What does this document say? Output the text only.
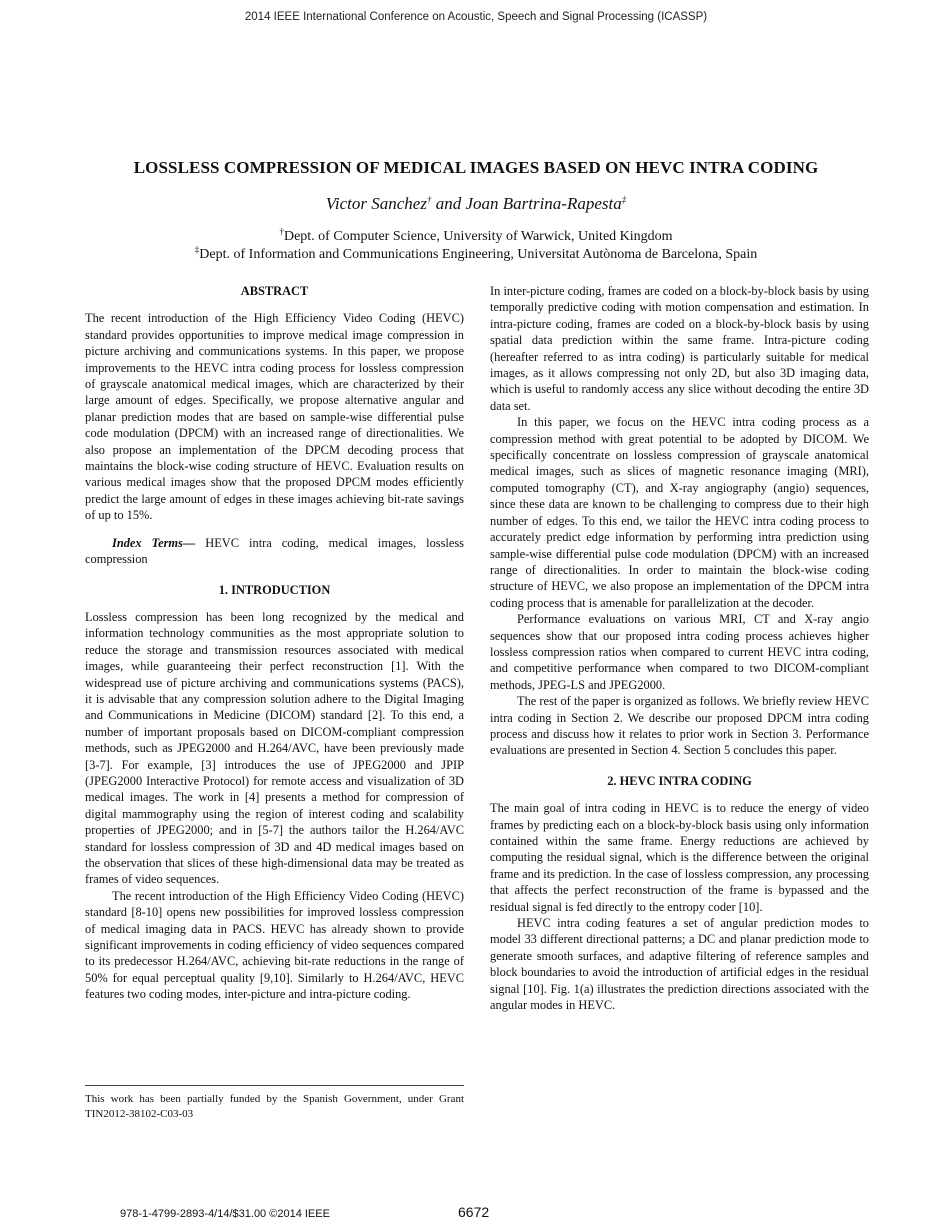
2014 IEEE International Conference on Acoustic, Speech and Signal Processing (ICASSP)
LOSSLESS COMPRESSION OF MEDICAL IMAGES BASED ON HEVC INTRA CODING
Victor Sanchez† and Joan Bartrina-Rapesta‡
†Dept. of Computer Science, University of Warwick, United Kingdom
‡Dept. of Information and Communications Engineering, Universitat Autònoma de Barcelona, Spain
ABSTRACT

The recent introduction of the High Efficiency Video Coding (HEVC) standard provides opportunities to improve medical image compression in picture archiving and communications systems. In this paper, we propose improvements to the HEVC intra coding process for lossless compression of grayscale anatomical medical images, which are characterized by their large amount of edges. Specifically, we propose alternative angular and planar prediction modes that are based on sample-wise differential pulse code modulation (DPCM) with an increased range of directionalities. We also propose an implementation of the DPCM decoding process that maintains the block-wise coding structure of HEVC. Evaluation results on various medical images show that the proposed DPCM modes efficiently predict the large amount of edges in these images achieving bit-rate savings of up to 15%.

Index Terms— HEVC intra coding, medical images, lossless compression

1. INTRODUCTION

Lossless compression has been long recognized by the medical and information technology communities as the most appropriate solution to reduce the storage and transmission resources associated with medical images, while guaranteeing their perfect reconstruction [1]. With the widespread use of picture archiving and communications systems (PACS), it is advisable that any compression solution adhere to the Digital Imaging and Communications in Medicine (DICOM) standard [2]. To this end, a number of important proposals based on DICOM-compliant compression methods, such as JPEG2000 and H.264/AVC, have been previously made [3-7]. For example, [3] introduces the use of JPEG2000 and JPIP (JPEG2000 Interactive Protocol) for remote access and visualization of 3D medical images. The work in [4] presents a method for compression of digital mammography using the region of interest coding and scalability properties of JPEG2000; and in [5-7] the authors tailor the H.264/AVC standard for lossless compression of 3D and 4D medical images based on the observation that slices of these high-dimensional data may be treated as frames of video sequences.

The recent introduction of the High Efficiency Video Coding (HEVC) standard [8-10] opens new possibilities for improved lossless compression of medical imaging data in PACS. HEVC has already shown to provide significant improvements in coding efficiency of video sequences compared to its predecessor H.264/AVC, achieving bit-rate reductions in the range of 50% for equal perceptual quality [9,10]. Similarly to H.264/AVC, HEVC features two coding modes, inter-picture and intra-picture coding.

In inter-picture coding, frames are coded on a block-by-block basis by using temporally predictive coding with motion compensation and estimation. In intra-picture coding, frames are coded on a block-by-block basis by using spatial data prediction within the same frame. Intra-picture coding (hereafter referred to as intra coding) is particularly suitable for medical images, as it allows compressing not only 2D, but also 3D imaging data, which is useful to randomly access any slice without decoding the entire 3D data set.

In this paper, we focus on the HEVC intra coding process as a compression method with great potential to be adopted by DICOM. We specifically concentrate on lossless compression of grayscale anatomical medical images, such as slices of magnetic resonance imaging (MRI), computed tomography (CT), and X-ray angiography (angio) sequences, since these data are known to be challenging to compress due to their high number of edges. To this end, we tailor the HEVC intra coding process to accurately predict edge information by performing intra prediction using sample-wise differential pulse code modulation (DPCM) with an increased range of directionalities. In order to maintain the block-wise coding structure of HEVC, we also propose an implementation of the DPCM intra coding process that is amenable for parallelization at the decoder.

Performance evaluations on various MRI, CT and X-ray angio sequences show that our proposed intra coding process achieves higher lossless compression ratios when compared to current HEVC intra coding, and competitive performance when compared to two DICOM-compliant methods, JPEG-LS and JPEG2000.

The rest of the paper is organized as follows. We briefly review HEVC intra coding in Section 2. We describe our proposed DPCM intra coding process and discuss how it relates to prior work in Section 3. Performance evaluations are presented in Section 4. Section 5 concludes this paper.

2. HEVC INTRA CODING

The main goal of intra coding in HEVC is to reduce the energy of video frames by predicting each on a block-by-block basis using only information contained within the same frame. Energy reductions are achieved by computing the residual signal, which is the difference between the original frame and its prediction. In the case of lossless compression, any processing that affects the perfect reconstruction of the frame is bypassed and the residual signal is fed directly to the entropy coder [10].

HEVC intra coding features a set of angular prediction modes to model 33 different directional patterns; a DC and planar prediction mode to generate smooth surfaces, and adaptive filtering of reference samples and block boundaries to avoid the introduction of artificial edges in the residual signal [10]. Fig. 1(a) illustrates the prediction directions associated with the angular modes in HEVC.

This work has been partially funded by the Spanish Government, under Grant TIN2012-38102-C03-03
978-1-4799-2893-4/14/$31.00 ©2014 IEEE	6672
